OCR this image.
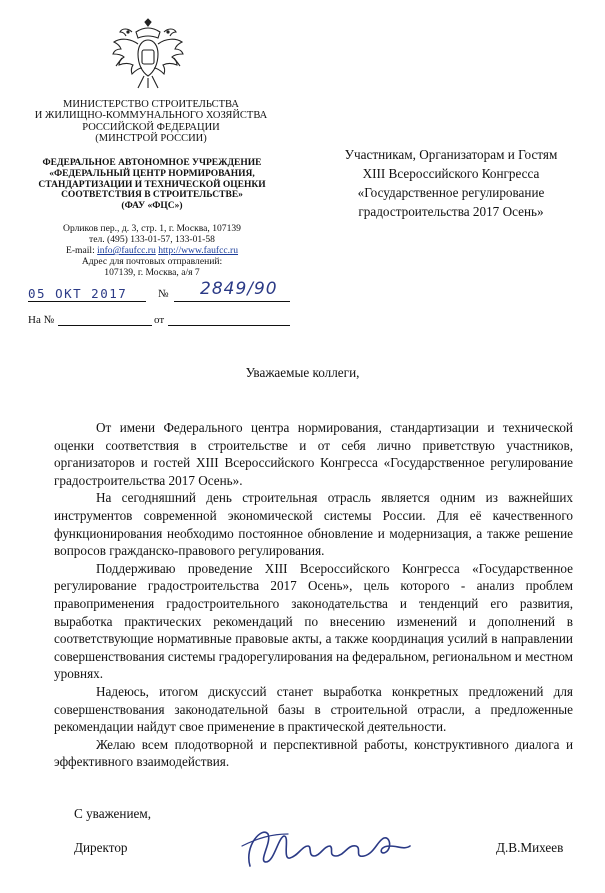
МИНИСТЕРСТВО СТРОИТЕЛЬСТВА
И ЖИЛИЩНО-КОММУНАЛЬНОГО ХОЗЯЙСТВА
РОССИЙСКОЙ ФЕДЕРАЦИИ
(МИНСТРОЙ РОССИИ)
ФЕДЕРАЛЬНОЕ АВТОНОМНОЕ УЧРЕЖДЕНИЕ
«ФЕДЕРАЛЬНЫЙ ЦЕНТР НОРМИРОВАНИЯ,
СТАНДАРТИЗАЦИИ И ТЕХНИЧЕСКОЙ ОЦЕНКИ
СООТВЕТСТВИЯ В СТРОИТЕЛЬСТВЕ»
(ФАУ «ФЦС»)
Орликов пер., д. 3, стр. 1, г. Москва, 107139
тел. (495) 133-01-57, 133-01-58
E-mail: info@faufcc.ru http://www.faufcc.ru
Адрес для почтовых отправлений:
107139, г. Москва, а/я 7
05 ОКТ 2017	№ 2849/90
На №	от
Участникам, Организаторам и Гостям
XIII Всероссийского Конгресса
«Государственное регулирование
градостроительства 2017 Осень»
Уважаемые коллеги,

От имени Федерального центра нормирования, стандартизации и технической оценки соответствия в строительстве и от себя лично приветствую участников, организаторов и гостей XIII Всероссийского Конгресса «Государственное регулирование градостроительства 2017 Осень».

На сегодняшний день строительная отрасль является одним из важнейших инструментов современной экономической системы России. Для её качественного функционирования необходимо постоянное обновление и модернизация, а также решение вопросов гражданско-правового регулирования.

Поддерживаю проведение XIII Всероссийского Конгресса «Государственное регулирование градостроительства 2017 Осень», цель которого - анализ проблем правоприменения градостроительного законодательства и тенденций его развития, выработка практических рекомендаций по внесению изменений и дополнений в соответствующие нормативные правовые акты, а также координация усилий в направлении совершенствования системы градорегулирования на федеральном, региональном и местном уровнях.

Надеюсь, итогом дискуссий станет выработка конкретных предложений для совершенствования законодательной базы в строительной отрасли, а предложенные рекомендации найдут свое применение в практической деятельности.

Желаю всем плодотворной и перспективной работы, конструктивного диалога и эффективного взаимодействия.

С уважением,
Директор	Д.В.Михеев
